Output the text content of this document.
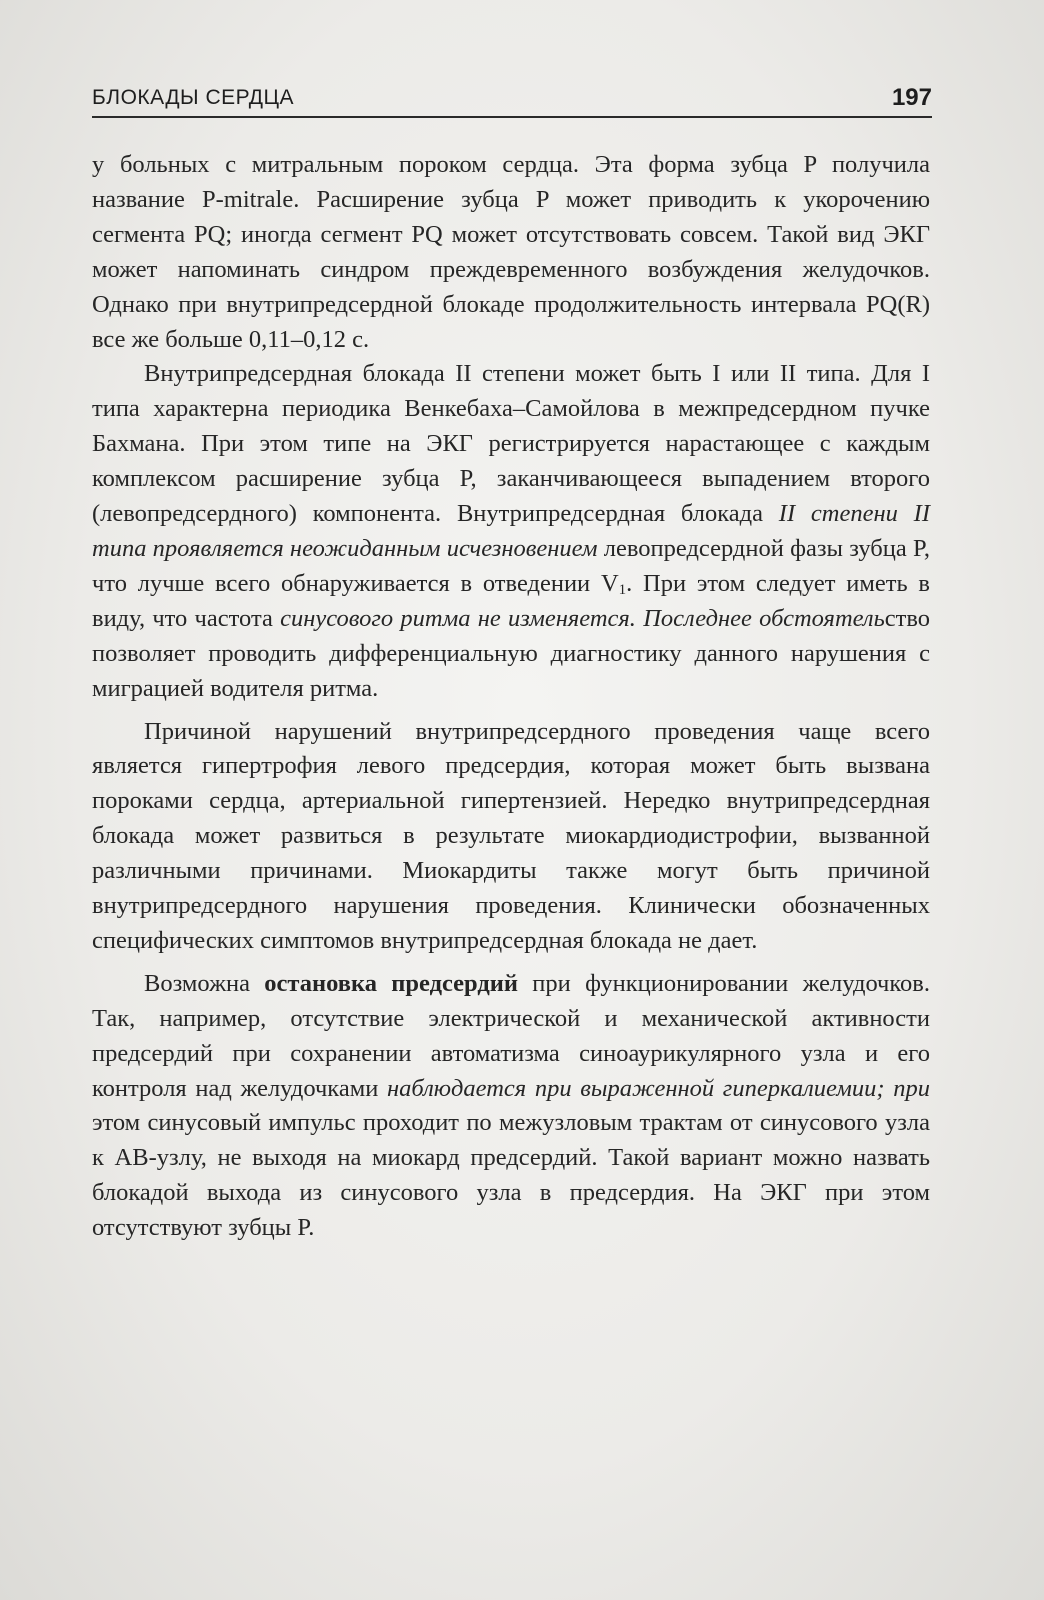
БЛОКАДЫ СЕРДЦА	197

у больных с митральным пороком сердца. Эта форма зубца P получила название P-mitrale. Расширение зубца P может приводить к укорочению сегмента PQ; иногда сегмент PQ может отсутствовать совсем. Такой вид ЭКГ может напоминать синдром преждевременного возбуждения желудочков. Однако при внутрипредсердной блокаде продолжительность интервала PQ(R) все же больше 0,11–0,12 с.

Внутрипредсердная блокада II степени может быть I или II типа. Для I типа характерна периодика Венкебаха–Самойлова в межпредсердном пучке Бахмана. При этом типе на ЭКГ регистрируется нарастающее с каждым комплексом расширение зубца P, заканчивающееся выпадением второго (левопредсердного) компонента. Внутрипредсердная блокада II степени II типа проявляется неожиданным исчезновением левопредсердной фазы зубца P, что лучше всего обнаруживается в отведении $V_1$. При этом следует иметь в виду, что частота синусового ритма не изменяется. Последнее обстоятельство позволяет проводить дифференциальную диагностику данного нарушения с миграцией водителя ритма.

Причиной нарушений внутрипредсердного проведения чаще всего является гипертрофия левого предсердия, которая может быть вызвана пороками сердца, артериальной гипертензией. Нередко внутрипредсердная блокада может развиться в результате миокардиодистрофии, вызванной различными причинами. Миокардиты также могут быть причиной внутрипредсердного нарушения проведения. Клинически обозначенных специфических симптомов внутрипредсердная блокада не дает.

Возможна остановка предсердий при функционировании желудочков. Так, например, отсутствие электрической и механической активности предсердий при сохранении автоматизма синоаурикулярного узла и его контроля над желудочками наблюдается при выраженной гиперкалиемии; при этом синусовый импульс проходит по межузловым трактам от синусового узла к АВ-узлу, не выходя на миокард предсердий. Такой вариант можно назвать блокадой выхода из синусового узла в предсердия. На ЭКГ при этом отсутствуют зубцы P.
